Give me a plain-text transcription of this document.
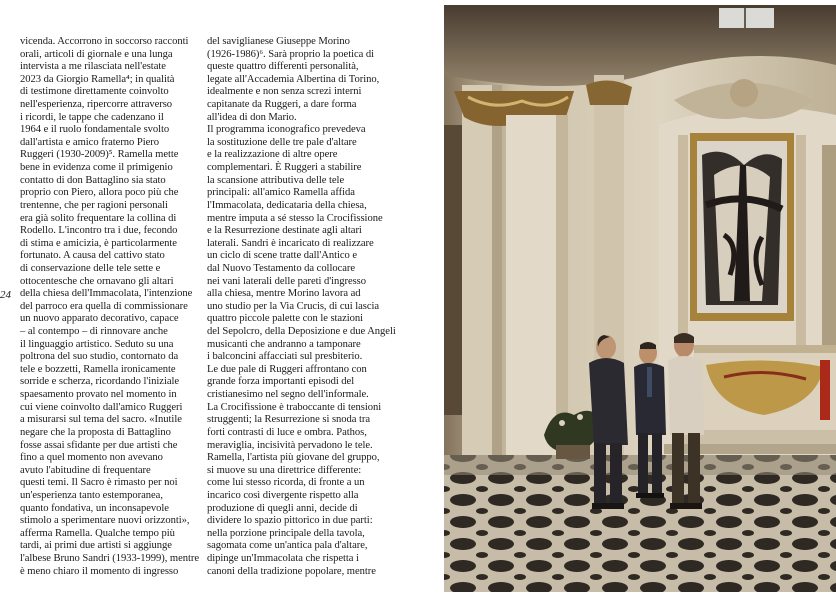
24
vicenda. Accorrono in soccorso racconti
orali, articoli di giornale e una lunga
intervista a me rilasciata nell'estate
2023 da Giorgio Ramella⁴; in qualità
di testimone direttamente coinvolto
nell'esperienza, ripercorre attraverso
i ricordi, le tappe che cadenzano il
1964 e il ruolo fondamentale svolto
dall'artista e amico fraterno Piero
Ruggeri (1930-2009)⁵. Ramella mette
bene in evidenza come il primigenio
contatto di don Battaglino sia stato
proprio con Piero, allora poco più che
trentenne, che per ragioni personali
era già solito frequentare la collina di
Rodello. L'incontro tra i due, fecondo
di stima e amicizia, è particolarmente
fortunato. A causa del cattivo stato
di conservazione delle tele sette e
ottocentesche che ornavano gli altari
della chiesa dell'Immacolata, l'intenzione
del parroco era quella di commissionare
un nuovo apparato decorativo, capace
– al contempo – di rinnovare anche
il linguaggio artistico. Seduto su una
poltrona del suo studio, contornato da
tele e bozzetti, Ramella ironicamente
sorride e scherza, ricordando l'iniziale
spaesamento provato nel momento in
cui viene coinvolto dall'amico Ruggeri
a misurarsi sul tema del sacro. «Inutile
negare che la proposta di Battaglino
fosse assai sfidante per due artisti che
fino a quel momento non avevano
avuto l'abitudine di frequentare
questi temi. Il Sacro è rimasto per noi
un'esperienza tanto estemporanea,
quanto fondativa, un inconsapevole
stimolo a sperimentare nuovi orizzonti»,
afferma Ramella. Qualche tempo più
tardi, ai primi due artisti si aggiunge
l'albese Bruno Sandri (1933-1999), mentre
è meno chiaro il momento di ingresso
del saviglianese Giuseppe Morino
(1926-1986)⁶. Sarà proprio la poetica di
queste quattro differenti personalità,
legate all'Accademia Albertina di Torino,
idealmente e non senza screzi interni
capitanate da Ruggeri, a dare forma
all'idea di don Mario.
Il programma iconografico prevedeva
la sostituzione delle tre pale d'altare
e la realizzazione di altre opere
complementari. È Ruggeri a stabilire
la scansione attributiva delle tele
principali: all'amico Ramella affida
l'Immacolata, dedicataria della chiesa,
mentre imputa a sé stesso la Crocifissione
e la Resurrezione destinate agli altari
laterali. Sandri è incaricato di realizzare
un ciclo di scene tratte dall'Antico e
dal Nuovo Testamento da collocare
nei vani laterali delle pareti d'ingresso
alla chiesa, mentre Morino lavora ad
uno studio per la Via Crucis, di cui lascia
quattro piccole palette con le stazioni
del Sepolcro, della Deposizione e due Angeli
musicanti che andranno a tamponare
i balconcini affacciati sul presbiterio.
Le due pale di Ruggeri affrontano con
grande forza importanti episodi del
cristianesimo nel segno dell'informale.
La Crocifissione è traboccante di tensioni
struggenti; la Resurrezione si snoda tra
forti contrasti di luce e ombra. Pathos,
meraviglia, incisività pervadono le tele.
Ramella, l'artista più giovane del gruppo,
si muove su una direttrice differente:
come lui stesso ricorda, di fronte a un
incarico così divergente rispetto alla
produzione di quegli anni, decide di
dividere lo spazio pittorico in due parti:
nella porzione principale della tavola,
sagomata come un'antica pala d'altare,
dipinge un'Immacolata che rispetta i
canoni della tradizione popolare, mentre
